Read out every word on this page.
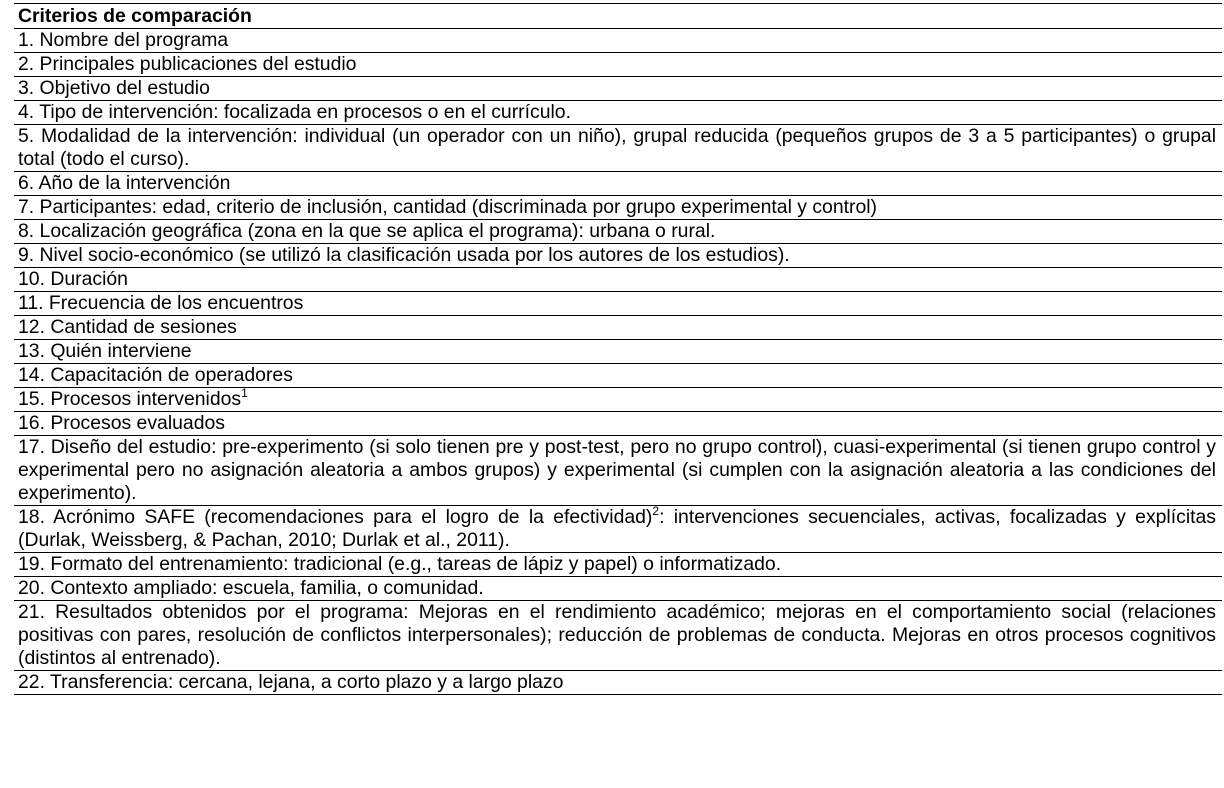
Criterios de comparación
1. Nombre del programa
2. Principales publicaciones del estudio
3. Objetivo del estudio
4. Tipo de intervención: focalizada en procesos o en el currículo.
5. Modalidad de la intervención: individual (un operador con un niño), grupal reducida (pequeños grupos de 3 a 5 participantes) o grupal total (todo el curso).
6. Año de la intervención
7. Participantes: edad, criterio de inclusión, cantidad (discriminada por grupo experimental y control)
8. Localización geográfica (zona en la que se aplica el programa): urbana o rural.
9. Nivel socio-económico (se utilizó la clasificación usada por los autores de los estudios).
10. Duración
11. Frecuencia de los encuentros
12. Cantidad de sesiones
13. Quién interviene
14. Capacitación de operadores
15. Procesos intervenidos$^1$
16. Procesos evaluados
17. Diseño del estudio: pre-experimento (si solo tienen pre y post-test, pero no grupo control), cuasi-experimental (si tienen grupo control y experimental pero no asignación aleatoria a ambos grupos) y experimental (si cumplen con la asignación aleatoria a las condiciones del experimento).
18. Acrónimo SAFE (recomendaciones para el logro de la efectividad)$^2$: intervenciones secuenciales, activas, focalizadas y explícitas (Durlak, Weissberg, & Pachan, 2010; Durlak et al., 2011).
19. Formato del entrenamiento: tradicional (e.g., tareas de lápiz y papel) o informatizado.
20. Contexto ampliado: escuela, familia, o comunidad.
21. Resultados obtenidos por el programa: Mejoras en el rendimiento académico; mejoras en el comportamiento social (relaciones positivas con pares, resolución de conflictos interpersonales); reducción de problemas de conducta. Mejoras en otros procesos cognitivos (distintos al entrenado).
22. Transferencia: cercana, lejana, a corto plazo y a largo plazo
